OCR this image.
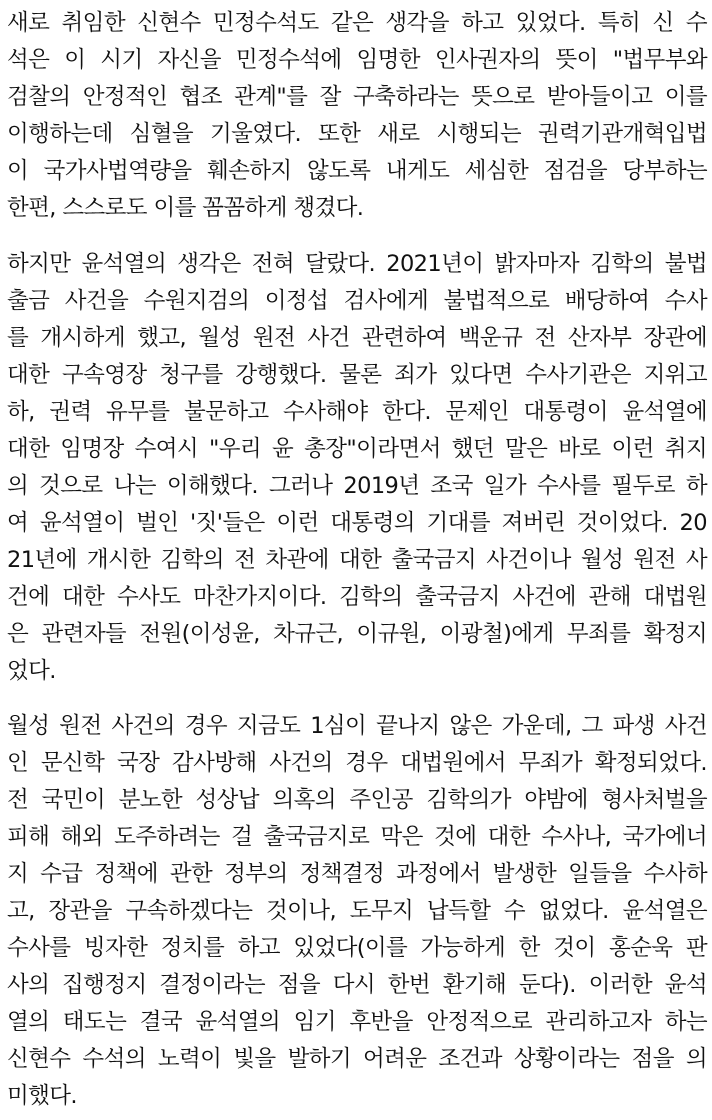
새로 취임한 신현수 민정수석도 같은 생각을 하고 있었다. 특히 신 수
석은 이 시기 자신을 민정수석에 임명한 인사권자의 뜻이 "법무부와
검찰의 안정적인 협조 관계"를 잘 구축하라는 뜻으로 받아들이고 이를
이행하는데 심혈을 기울였다. 또한 새로 시행되는 권력기관개혁입법
이 국가사법역량을 훼손하지 않도록 내게도 세심한 점검을 당부하는
한편, 스스로도 이를 꼼꼼하게 챙겼다.

하지만 윤석열의 생각은 전혀 달랐다. 2021년이 밝자마자 김학의 불법
출금 사건을 수원지검의 이정섭 검사에게 불법적으로 배당하여 수사
를 개시하게 했고, 월성 원전 사건 관련하여 백운규 전 산자부 장관에
대한 구속영장 청구를 강행했다. 물론 죄가 있다면 수사기관은 지위고
하, 권력 유무를 불문하고 수사해야 한다. 문제인 대통령이 윤석열에
대한 임명장 수여시 "우리 윤 총장"이라면서 했던 말은 바로 이런 취지
의 것으로 나는 이해했다. 그러나 2019년 조국 일가 수사를 필두로 하
여 윤석열이 벌인 '짓'들은 이런 대통령의 기대를 져버린 것이었다. 20
21년에 개시한 김학의 전 차관에 대한 출국금지 사건이나 월성 원전 사
건에 대한 수사도 마찬가지이다. 김학의 출국금지 사건에 관해 대법원
은 관련자들 전원(이성윤, 차규근, 이규원, 이광철)에게 무죄를 확정지
었다.

월성 원전 사건의 경우 지금도 1심이 끝나지 않은 가운데, 그 파생 사건
인 문신학 국장 감사방해 사건의 경우 대법원에서 무죄가 확정되었다.
전 국민이 분노한 성상납 의혹의 주인공 김학의가 야밤에 형사처벌을
피해 해외 도주하려는 걸 출국금지로 막은 것에 대한 수사나, 국가에너
지 수급 정책에 관한 정부의 정책결정 과정에서 발생한 일들을 수사하
고, 장관을 구속하겠다는 것이나, 도무지 납득할 수 없었다. 윤석열은
수사를 빙자한 정치를 하고 있었다(이를 가능하게 한 것이 홍순욱 판
사의 집행정지 결정이라는 점을 다시 한번 환기해 둔다). 이러한 윤석
열의 태도는 결국 윤석열의 임기 후반을 안정적으로 관리하고자 하는
신현수 수석의 노력이 빛을 발하기 어려운 조건과 상황이라는 점을 의
미했다.
